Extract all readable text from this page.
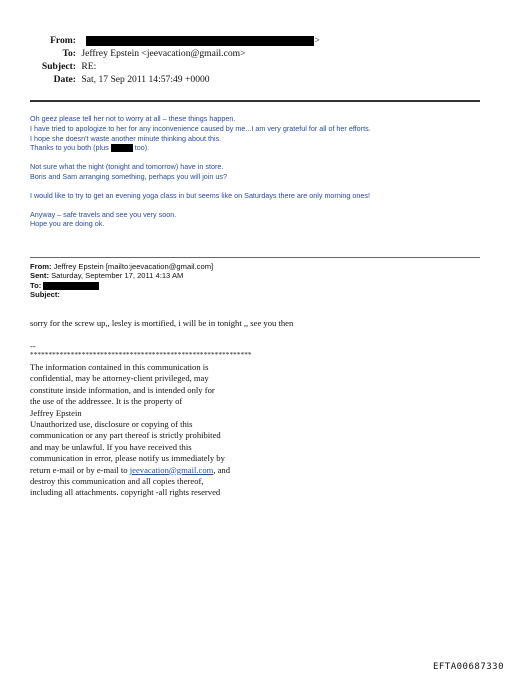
From:	>
To: Jeffrey Epstein <jeevacation@gmail.com>
Subject: RE:
Date: Sat, 17 Sep 2011 14:57:49 +0000

Oh geez please tell her not to worry at all – these things happen.

I have tried to apologize to her for any inconvenience caused by me...I am very grateful for all of her efforts.

I hope she doesn't waste another minute thinking about this.

Thanks to you both (plus	too).

Not sure what the night (tonight and tomorrow) have in store.

Boris and Sam arranging something, perhaps you will join us?

I would like to try to get an evening yoga class in but seems like on Saturdays there are only morning ones!

Anyway – safe travels and see you very soon.

Hope you are doing ok.

From: Jeffrey Epstein [mailto:jeevacation@gmail.com]
Sent: Saturday, September 17, 2011 4:13 AM
To:
Subject:
sorry for the screw up,, lesley is mortified, i will be in tonight ,, see you then
--
************************************************************
The information contained in this communication is
confidential, may be attorney-client privileged, may
constitute inside information, and is intended only for
the use of the addressee. It is the property of
Jeffrey Epstein
Unauthorized use, disclosure or copying of this
communication or any part thereof is strictly prohibited
and may be unlawful. If you have received this
communication in error, please notify us immediately by
return e-mail or by e-mail to jeevacation@gmail.com, and
destroy this communication and all copies thereof,
including all attachments. copyright -all rights reserved
EFTA00687330
